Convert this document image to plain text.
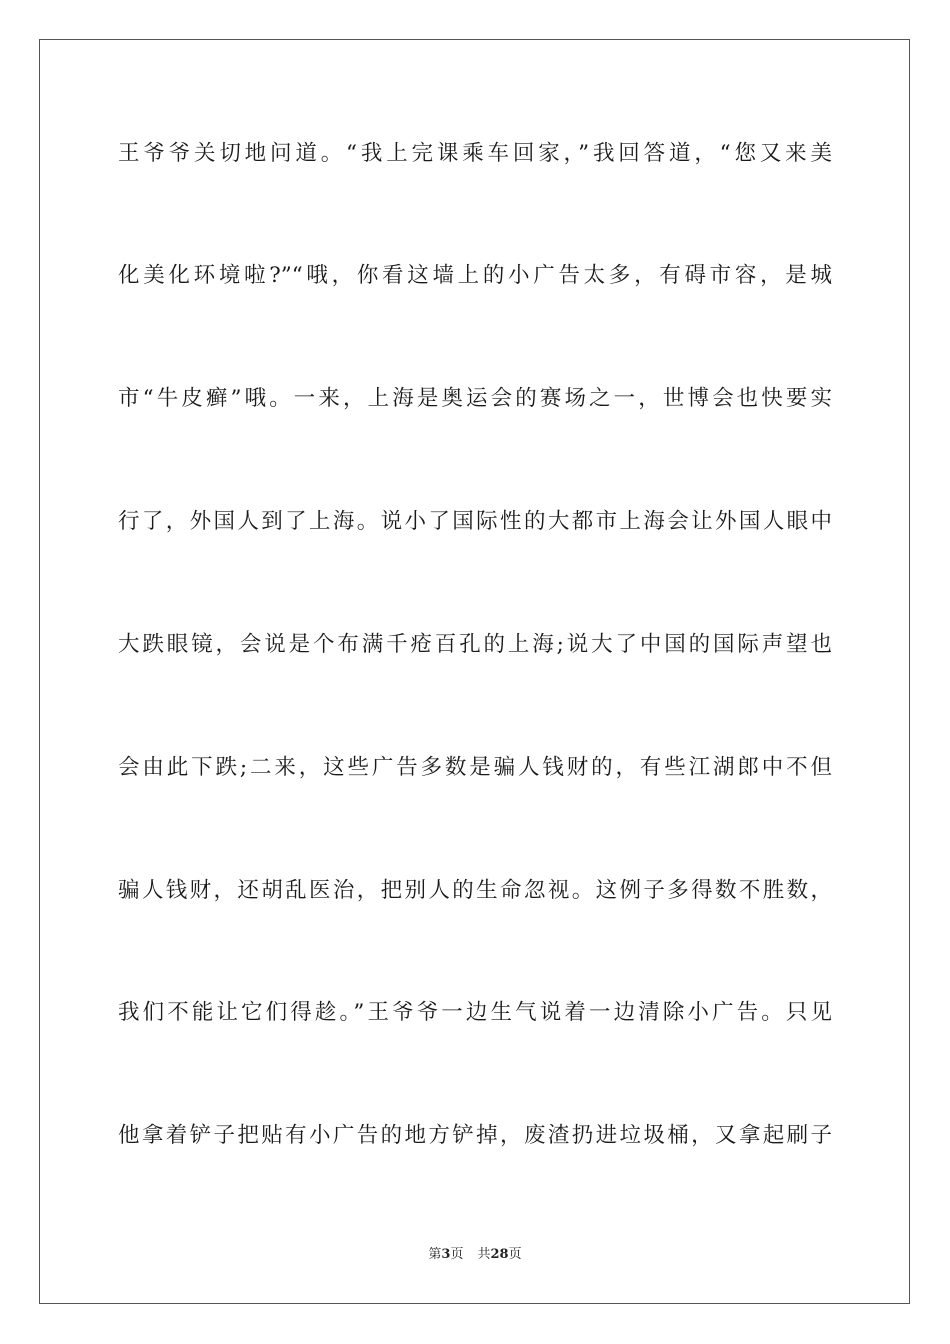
王爷爷关切地问道。“我上完课乘车回家，”我回答道，“您又来美
化美化环境啦?”“哦，你看这墙上的小广告太多，有碍市容，是城
市“牛皮癣”哦。一来，上海是奥运会的赛场之一，世博会也快要实
行了，外国人到了上海。说小了国际性的大都市上海会让外国人眼中
大跌眼镜，会说是个布满千疮百孔的上海;说大了中国的国际声望也
会由此下跌;二来，这些广告多数是骗人钱财的，有些江湖郎中不但
骗人钱财，还胡乱医治，把别人的生命忽视。这例子多得数不胜数，
我们不能让它们得趁。”王爷爷一边生气说着一边清除小广告。只见
他拿着铲子把贴有小广告的地方铲掉，废渣扔进垃圾桶，又拿起刷子
第3页 共28页
